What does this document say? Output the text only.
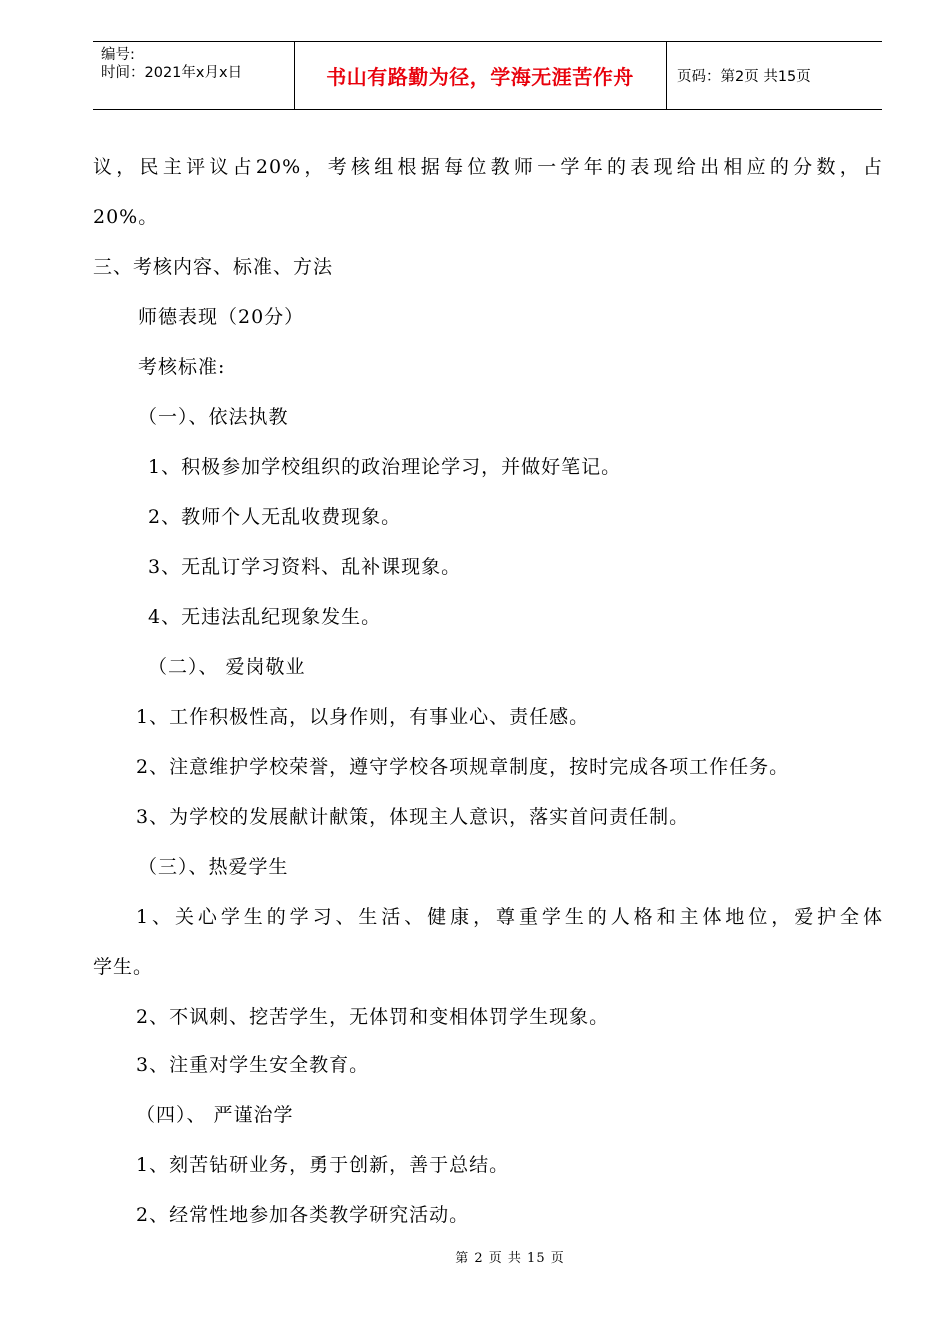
编号:
时间：2021年x月x日	书山有路勤为径，学海无涯苦作舟	页码：第2页 共15页
议，民主评议占20%，考核组根据每位教师一学年的表现给出相应的分数，占
20%。
三、考核内容、标准、方法
师德表现（20分）
考核标准:
（一）、依法执教
1、积极参加学校组织的政治理论学习，并做好笔记。
2、教师个人无乱收费现象。
3、无乱订学习资料、乱补课现象。
4、无违法乱纪现象发生。
（二）、 爱岗敬业
1、工作积极性高，以身作则，有事业心、责任感。
2、注意维护学校荣誉，遵守学校各项规章制度，按时完成各项工作任务。
3、为学校的发展献计献策，体现主人意识，落实首问责任制。
（三）、热爱学生
1、关心学生的学习、生活、健康，尊重学生的人格和主体地位，爱护全体
学生。
2、不讽刺、挖苦学生，无体罚和变相体罚学生现象。
3、注重对学生安全教育。
（四）、 严谨治学
1、刻苦钻研业务，勇于创新，善于总结。
2、经常性地参加各类教学研究活动。
第 2 页 共 15 页
